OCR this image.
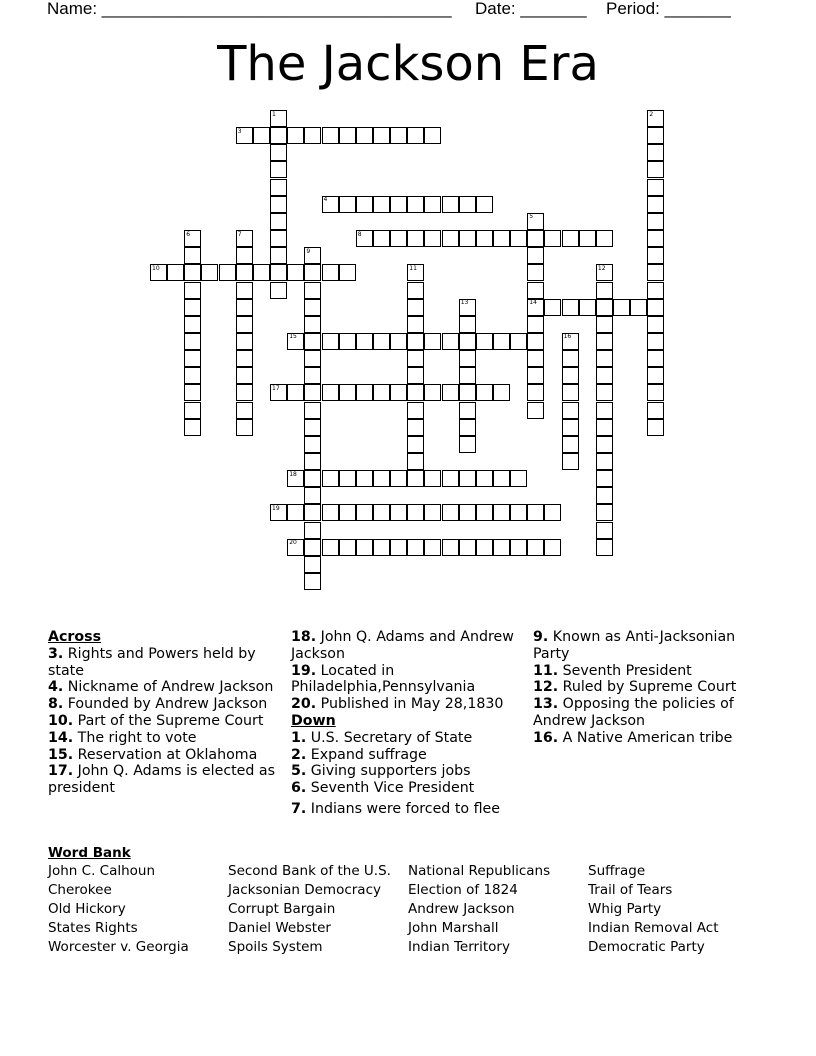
Name: _____________________________________ Date: _______ Period: _______
The Jackson Era
1	2
3
4
5
6	7	8
9
10	11	12
13	14
15	16
17
18
19
20

Across

3. Rights and Powers held by state

4. Nickname of Andrew Jackson

8. Founded by Andrew Jackson

10. Part of the Supreme Court

14. The right to vote

15. Reservation at Oklahoma

17. John Q. Adams is elected as president

18. John Q. Adams and Andrew Jackson

19. Located in Philadelphia,Pennsylvania

20. Published in May 28,1830

Down

1. U.S. Secretary of State

2. Expand suffrage

5. Giving supporters jobs

6. Seventh Vice President

7. Indians were forced to flee

9. Known as Anti-Jacksonian Party

11. Seventh President

12. Ruled by Supreme Court

13. Opposing the policies of Andrew Jackson

16. A Native American tribe

Word Bank
John C. Calhoun
Cherokee
Old Hickory
States Rights
Worcester v. Georgia
Second Bank of the U.S.
Jacksonian Democracy
Corrupt Bargain
Daniel Webster
Spoils System
National Republicans
Election of 1824
Andrew Jackson
John Marshall
Indian Territory
Suffrage
Trail of Tears
Whig Party
Indian Removal Act
Democratic Party
